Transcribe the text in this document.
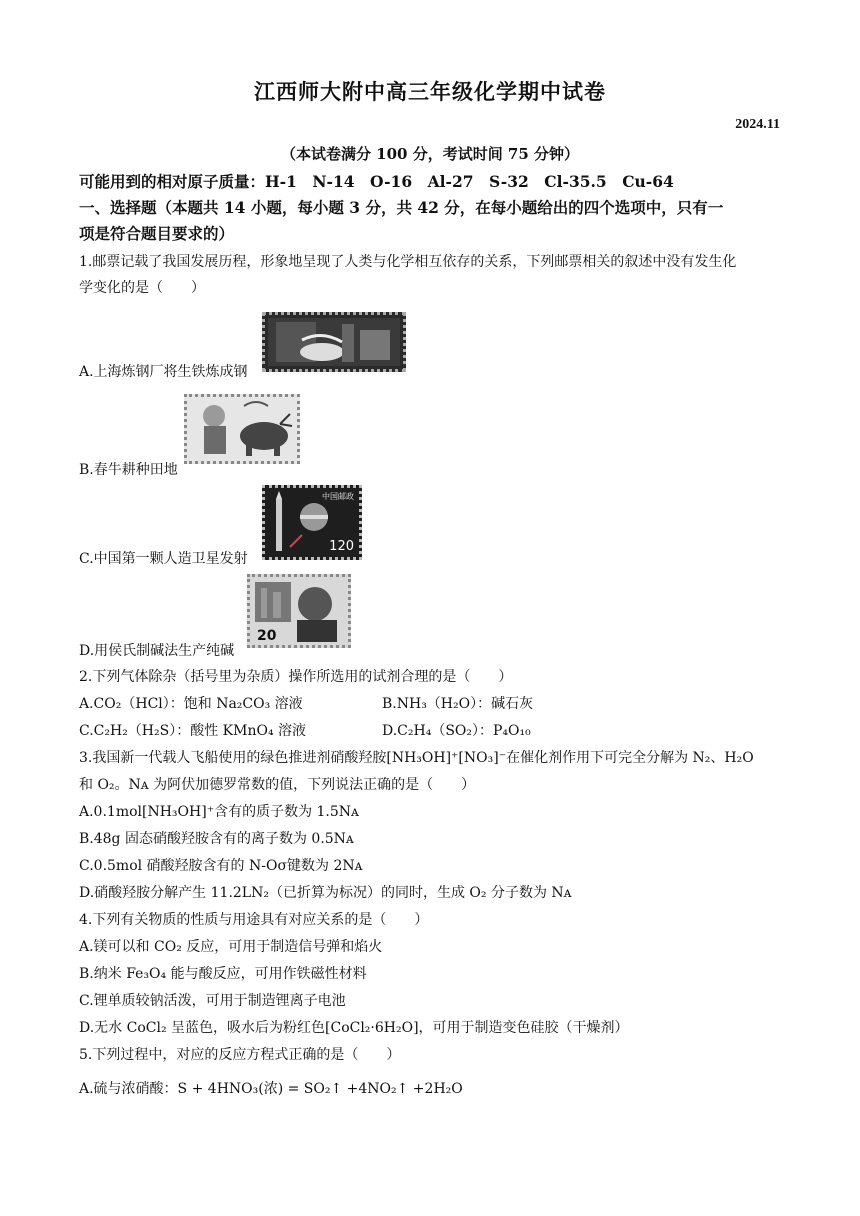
江西师大附中高三年级化学期中试卷
2024.11
（本试卷满分 100 分，考试时间 75 分钟）
可能用到的相对原子质量：H-1　N-14　O-16　Al-27　S-32　Cl-35.5　Cu-64
一、选择题（本题共 14 小题，每小题 3 分，共 42 分，在每小题给出的四个选项中，只有一
项是符合题目要求的）
1.邮票记载了我国发展历程，形象地呈现了人类与化学相互依存的关系，下列邮票相关的叙述中没有发生化
学变化的是（　　）
A.上海炼钢厂将生铁炼成钢
B.春牛耕种田地
中国邮政
120
C.中国第一颗人造卫星发射
20
D.用侯氏制碱法生产纯碱
2.下列气体除杂（括号里为杂质）操作所选用的试剂合理的是（　　）
A.CO₂（HCl）：饱和 Na₂CO₃ 溶液	B.NH₃（H₂O）：碱石灰
C.C₂H₂（H₂S）：酸性 KMnO₄ 溶液	D.C₂H₄（SO₂）：P₄O₁₀
3.我国新一代载人飞船使用的绿色推进剂硝酸羟胺[NH₃OH]⁺[NO₃]⁻在催化剂作用下可完全分解为 N₂、H₂O
和 O₂。Nᴀ 为阿伏加德罗常数的值，下列说法正确的是（　　）
A.0.1mol[NH₃OH]⁺含有的质子数为 1.5Nᴀ
B.48g 固态硝酸羟胺含有的离子数为 0.5Nᴀ
C.0.5mol 硝酸羟胺含有的 N-Oσ键数为 2Nᴀ
D.硝酸羟胺分解产生 11.2LN₂（已折算为标况）的同时，生成 O₂ 分子数为 Nᴀ
4.下列有关物质的性质与用途具有对应关系的是（　　）
A.镁可以和 CO₂ 反应，可用于制造信号弹和焰火
B.纳米 Fe₃O₄ 能与酸反应，可用作铁磁性材料
C.锂单质较钠活泼，可用于制造锂离子电池
D.无水 CoCl₂ 呈蓝色，吸水后为粉红色[CoCl₂·6H₂O]，可用于制造变色硅胶（干燥剂）
5.下列过程中，对应的反应方程式正确的是（　　）
A.硫与浓硝酸：S + 4HNO₃(浓) = SO₂↑ +4NO₂↑ +2H₂O
